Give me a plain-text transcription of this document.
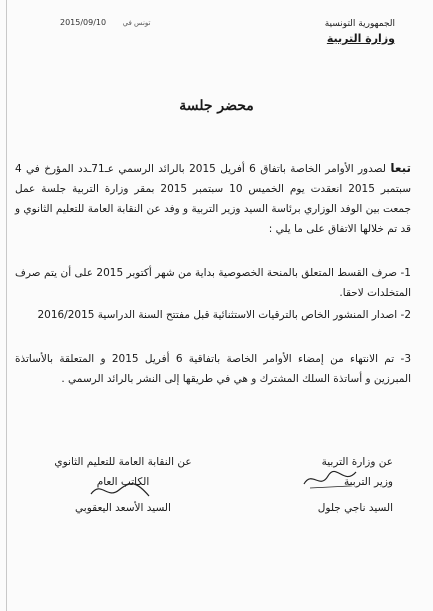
الجمهورية التونسية
وزارة التربية
2015/09/10 تونس في
محضر جلسة

تبعا لصدور الأوامر الخاصة باتفاق 6 أفريل 2015 بالرائد الرسمي عـ71ـدد المؤرخ في 4 سبتمبر 2015 انعقدت يوم الخميس 10 سبتمبر 2015 بمقر وزارة التربية جلسة عمل جمعت بين الوفد الوزاري برئاسة السيد وزير التربية و وفد عن النقابة العامة للتعليم الثانوي و قد تم خلالها الاتفاق على ما يلي :

1- صرف القسط المتعلق بالمنحة الخصوصية بداية من شهر أكتوبر 2015 على أن يتم صرف المتخلدات لاحقا.

2- اصدار المنشور الخاص بالترقيات الاستثنائية قبل مفتتح السنة الدراسية 2016/2015

3- تم الانتهاء من إمضاء الأوامر الخاصة باتفاقية 6 أفريل 2015 و المتعلقة بالأساتذة المبرزين و أساتذة السلك المشترك و هي في طريقها إلى النشر بالرائد الرسمي .

عن وزارة التربية
وزير التربية
السيد ناجي جلول
عن النقابة العامة للتعليم الثانوي
الكاتب العام
السيد الأسعد اليعقوبي
